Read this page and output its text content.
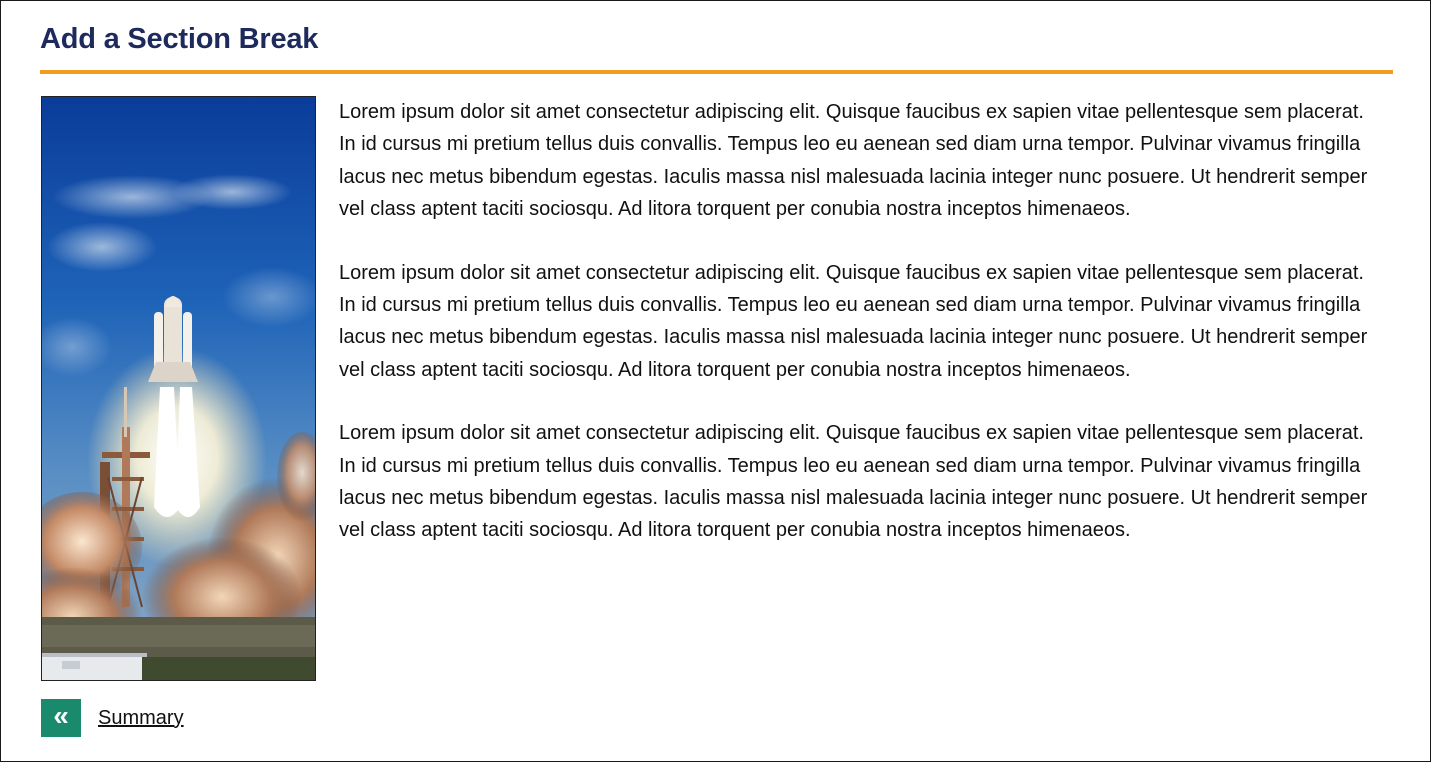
Add a Section Break

Lorem ipsum dolor sit amet consectetur adipiscing elit. Quisque faucibus ex sapien vitae pellentesque sem placerat. In id cursus mi pretium tellus duis convallis. Tempus leo eu aenean sed diam urna tempor. Pulvinar vivamus fringilla lacus nec metus bibendum egestas. Iaculis massa nisl malesuada lacinia integer nunc posuere. Ut hendrerit semper vel class aptent taciti sociosqu. Ad litora torquent per conubia nostra inceptos himenaeos.

Lorem ipsum dolor sit amet consectetur adipiscing elit. Quisque faucibus ex sapien vitae pellentesque sem placerat. In id cursus mi pretium tellus duis convallis. Tempus leo eu aenean sed diam urna tempor. Pulvinar vivamus fringilla lacus nec metus bibendum egestas. Iaculis massa nisl malesuada lacinia integer nunc posuere. Ut hendrerit semper vel class aptent taciti sociosqu. Ad litora torquent per conubia nostra inceptos himenaeos.

Lorem ipsum dolor sit amet consectetur adipiscing elit. Quisque faucibus ex sapien vitae pellentesque sem placerat. In id cursus mi pretium tellus duis convallis. Tempus leo eu aenean sed diam urna tempor. Pulvinar vivamus fringilla lacus nec metus bibendum egestas. Iaculis massa nisl malesuada lacinia integer nunc posuere. Ut hendrerit semper vel class aptent taciti sociosqu. Ad litora torquent per conubia nostra inceptos himenaeos.

« Summary
